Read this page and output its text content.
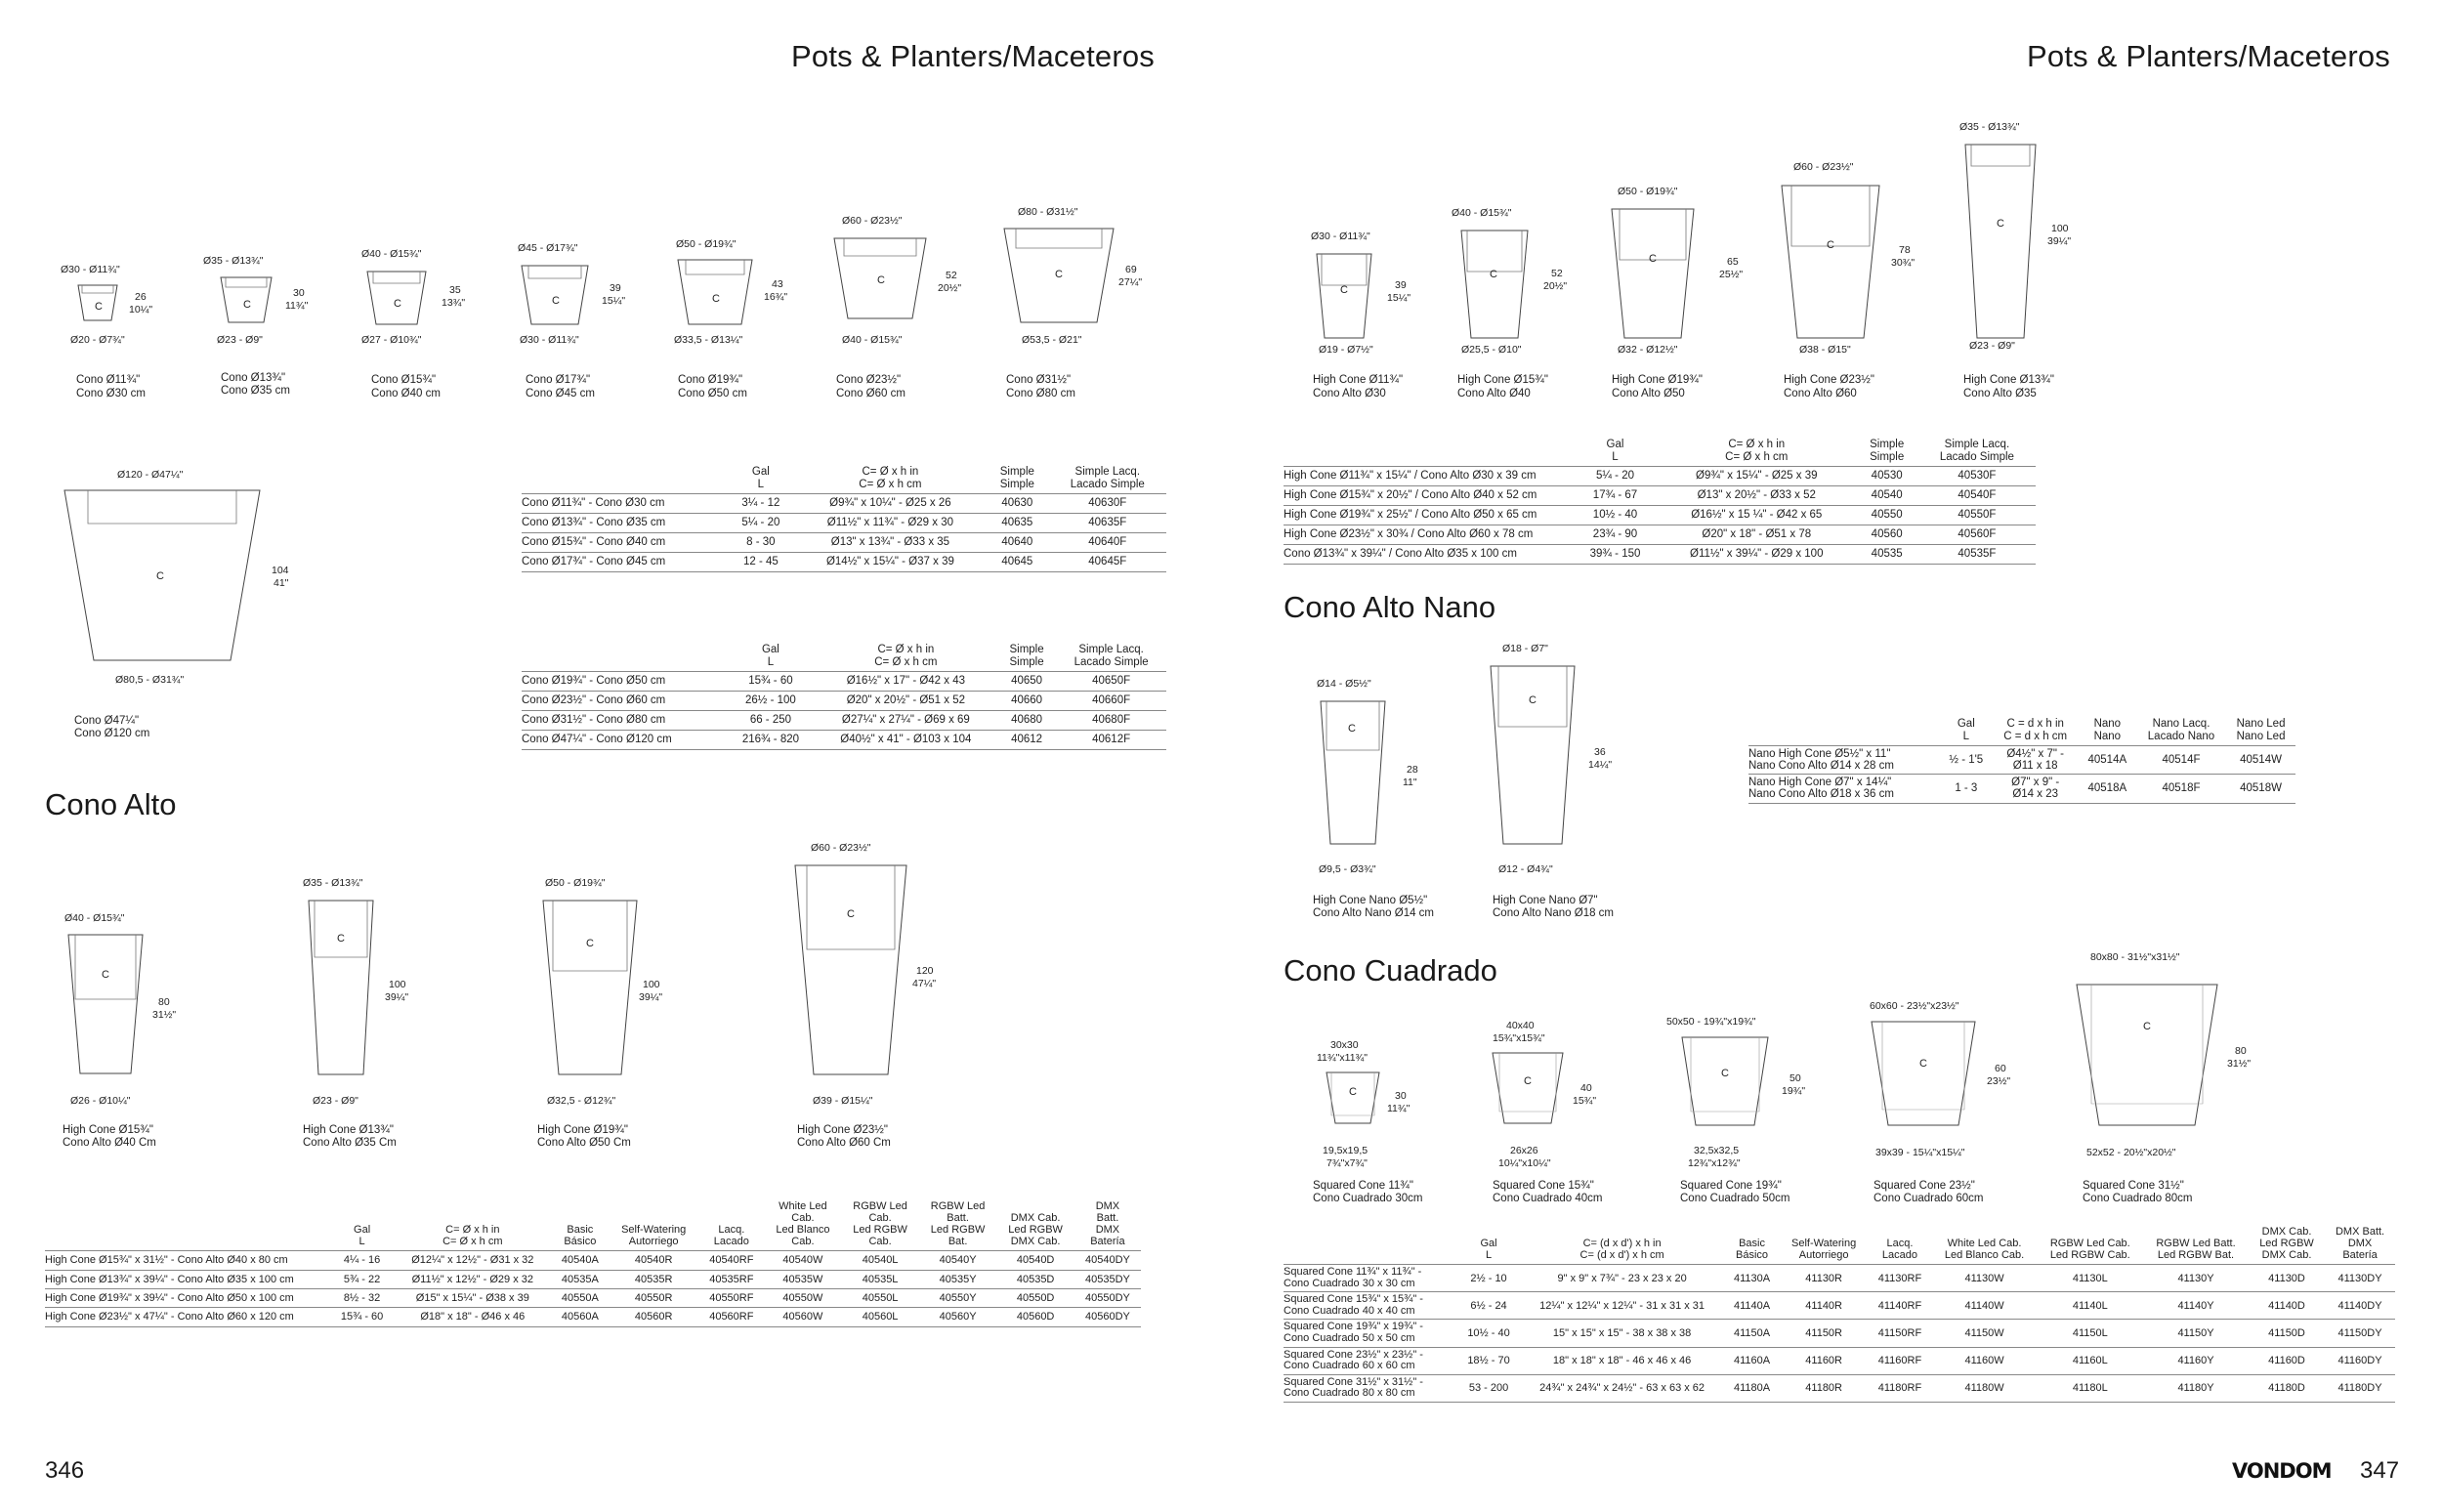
Pots & Planters/Maceteros	Pots & Planters/Maceteros
346	VONDOM 347
Ø30 - Ø11¾"
C
26
10¼"
Ø20 - Ø7¾"
Cono Ø11¾"
Cono Ø30 cm
Ø35 - Ø13¾"
C
30
11¾"
Ø23 - Ø9"
Cono Ø13¾"
Cono Ø35 cm
Ø40 - Ø15¾"
C
35
13¾"
Ø27 - Ø10¾"
Cono Ø15¾"
Cono Ø40 cm
Ø45 - Ø17¾"
C
39
15¼"
Ø30 - Ø11¾"
Cono Ø17¾"
Cono Ø45 cm
Ø50 - Ø19¾"
C
43
16¾"
Ø33,5 - Ø13¼"
Cono Ø19¾"
Cono Ø50 cm
Ø60 - Ø23½"
C	52
20½"
Ø40 - Ø15¾"
Cono Ø23½"
Cono Ø60 cm
Ø80 - Ø31½"
C	69
27¼"
Ø53,5 - Ø21"
Cono Ø31½"
Cono Ø80 cm
Ø120 - Ø47¼"
C	104
41"
Ø80,5 - Ø31¾"
Cono Ø47¼"
Cono Ø120 cm
	Gal
L	C= Ø x h in
C= Ø x h cm	Simple
Simple	Simple Lacq.
Lacado Simple
Cono Ø11¾" - Cono Ø30 cm	3¼ - 12	Ø9¾" x 10¼" - Ø25 x 26	40630	40630F
Cono Ø13¾" - Cono Ø35 cm	5¼ - 20	Ø11½" x 11¾" - Ø29 x 30	40635	40635F
Cono Ø15¾" - Cono Ø40 cm	8 - 30	Ø13" x 13¾" - Ø33 x 35	40640	40640F
Cono Ø17¾" - Cono Ø45 cm	12 - 45	Ø14½" x 15¼" - Ø37 x 39	40645	40645F
	Gal
L	C= Ø x h in
C= Ø x h cm	Simple
Simple	Simple Lacq.
Lacado Simple
Cono Ø19¾" - Cono Ø50 cm	15¾ - 60	Ø16½" x 17" - Ø42 x 43	40650	40650F
Cono Ø23½" - Cono Ø60 cm	26½ - 100	Ø20" x 20½" - Ø51 x 52	40660	40660F
Cono Ø31½" - Cono Ø80 cm	66 - 250	Ø27¼" x 27¼" - Ø69 x 69	40680	40680F
Cono Ø47¼" - Cono Ø120 cm	216¾ - 820	Ø40½" x 41" - Ø103 x 104	40612	40612F
Cono Alto
Ø40 - Ø15¾"
C
80
31½"
Ø26 - Ø10¼"
High Cone Ø15¾"
Cono Alto Ø40 Cm
Ø35 - Ø13¾"
C
100
39¼"
Ø23 - Ø9"
High Cone Ø13¾"
Cono Alto Ø35 Cm
Ø50 - Ø19¾"
C
100
39¼"
Ø32,5 - Ø12¾"
High Cone Ø19¾"
Cono Alto Ø50 Cm
Ø60 - Ø23½"
C
120
47¼"
Ø39 - Ø15¼"
High Cone Ø23½"
Cono Alto Ø60 Cm
	Gal
L	C= Ø x h in
C= Ø x h cm	Basic
Básico	Self-Watering
Autorriego	Lacq.
Lacado	White Led
Cab.
Led Blanco
Cab.	RGBW Led
Cab.
Led RGBW
Cab.	RGBW Led
Batt.
Led RGBW
Bat.	DMX Cab.
Led RGBW
DMX Cab.	DMX
Batt.
DMX
Batería
High Cone Ø15¾" x 31½" - Cono Alto Ø40 x 80 cm	4¼ - 16	Ø12¼" x 12½" - Ø31 x 32	40540A	40540R	40540RF	40540W	40540L	40540Y	40540D	40540DY
High Cone Ø13¾" x 39¼" - Cono Alto Ø35 x 100 cm	5¾ - 22	Ø11½" x 12½" - Ø29 x 32	40535A	40535R	40535RF	40535W	40535L	40535Y	40535D	40535DY
High Cone Ø19¾" x 39¼" - Cono Alto Ø50 x 100 cm	8½ - 32	Ø15" x 15¼" - Ø38 x 39	40550A	40550R	40550RF	40550W	40550L	40550Y	40550D	40550DY
High Cone Ø23½" x 47¼" - Cono Alto Ø60 x 120 cm	15¾ - 60	Ø18" x 18" - Ø46 x 46	40560A	40560R	40560RF	40560W	40560L	40560Y	40560D	40560DY
Ø30 - Ø11¾"
C	39
15¼"
Ø19 - Ø7½"
High Cone Ø11¾"
Cono Alto Ø30
Ø40 - Ø15¾"
C	52
20½"
Ø25,5 - Ø10"
High Cone Ø15¾"
Cono Alto Ø40
Ø50 - Ø19¾"
C	65
25½"
Ø32 - Ø12½"
High Cone Ø19¾"
Cono Alto Ø50
Ø60 - Ø23½"
C	78
30¾"
Ø38 - Ø15"
High Cone Ø23½"
Cono Alto Ø60
Ø35 - Ø13¾"
C	100
39¼"
Ø23 - Ø9"
High Cone Ø13¾"
Cono Alto Ø35
	Gal
L	C= Ø x h in
C= Ø x h cm	Simple
Simple	Simple Lacq.
Lacado Simple
High Cone Ø11¾" x 15¼" / Cono Alto Ø30 x 39 cm	5¼ - 20	Ø9¾" x 15¼" - Ø25 x 39	40530	40530F
High Cone Ø15¾" x 20½" / Cono Alto Ø40 x 52 cm	17¾ - 67	Ø13" x 20½" - Ø33 x 52	40540	40540F
High Cone Ø19¾" x 25½" / Cono Alto Ø50 x 65 cm	10½ - 40	Ø16½" x 15 ¼" - Ø42 x 65	40550	40550F
High Cone Ø23½" x 30¾ / Cono Alto Ø60 x 78 cm	23¾ - 90	Ø20" x 18" - Ø51 x 78	40560	40560F
Cono Ø13¾" x 39¼" / Cono Alto Ø35 x 100 cm	39¾ - 150	Ø11½" x 39¼" - Ø29 x 100	40535	40535F
Cono Alto Nano
Ø14 - Ø5½"
C
28
11"
Ø9,5 - Ø3¾"
High Cone Nano Ø5½"
Cono Alto Nano Ø14 cm
Ø18 - Ø7"
C
36
14¼"
Ø12 - Ø4¾"
High Cone Nano Ø7"
Cono Alto Nano Ø18 cm
	Gal
L	C = d x h in
C = d x h cm	Nano
Nano	Nano Lacq.
Lacado Nano	Nano Led
Nano Led
Nano High Cone Ø5½" x 11"
Nano Cono Alto Ø14 x 28 cm	½ - 1'5	Ø4½" x 7" -
Ø11 x 18	40514A	40514F	40514W
Nano High Cone Ø7" x 14¼"
Nano Cono Alto Ø18 x 36 cm	1 - 3	Ø7" x 9" -
Ø14 x 23	40518A	40518F	40518W
Cono Cuadrado
30x30
11¾"x11¾"
C	30
11¾"
19,5x19,5
7¾"x7¾"
Squared Cone 11¾"
Cono Cuadrado 30cm
40x40
15¾"x15¾"
C
40
15¾"
26x26
10¼"x10¼"
Squared Cone 15¾"
Cono Cuadrado 40cm
50x50 - 19¾"x19¾"
C	50
19¾"
32,5x32,5
12¾"x12¾"
Squared Cone 19¾"
Cono Cuadrado 50cm
60x60 - 23½"x23½"
C	60
23½"
39x39 - 15¼"x15¼"
Squared Cone 23½"
Cono Cuadrado 60cm
80x80 - 31½"x31½"
C
80
31½"
52x52 - 20½"x20½"
Squared Cone 31½"
Cono Cuadrado 80cm
	Gal
L	C= (d x d') x h in
C= (d x d') x h cm	Basic
Básico	Self-Watering
Autorriego	Lacq.
Lacado	White Led Cab.
Led Blanco Cab.	RGBW Led Cab.
Led RGBW Cab.	RGBW Led Batt.
Led RGBW Bat.	DMX Cab.
Led RGBW
DMX Cab.	DMX Batt.
DMX
Batería
Squared Cone 11¾" x 11¾" -
Cono Cuadrado 30 x 30 cm	2½ - 10	9" x 9" x 7¾" - 23 x 23 x 20	41130A	41130R	41130RF	41130W	41130L	41130Y	41130D	41130DY
Squared Cone 15¾" x 15¾" -
Cono Cuadrado 40 x 40 cm	6½ - 24	12¼" x 12¼" x 12¼" - 31 x 31 x 31	41140A	41140R	41140RF	41140W	41140L	41140Y	41140D	41140DY
Squared Cone 19¾" x 19¾" -
Cono Cuadrado 50 x 50 cm	10½ - 40	15" x 15" x 15" - 38 x 38 x 38	41150A	41150R	41150RF	41150W	41150L	41150Y	41150D	41150DY
Squared Cone 23½" x 23½" -
Cono Cuadrado 60 x 60 cm	18½ - 70	18" x 18" x 18" - 46 x 46 x 46	41160A	41160R	41160RF	41160W	41160L	41160Y	41160D	41160DY
Squared Cone 31½" x 31½" -
Cono Cuadrado 80 x 80 cm	53 - 200	24¾" x 24¾" x 24½" - 63 x 63 x 62	41180A	41180R	41180RF	41180W	41180L	41180Y	41180D	41180DY
